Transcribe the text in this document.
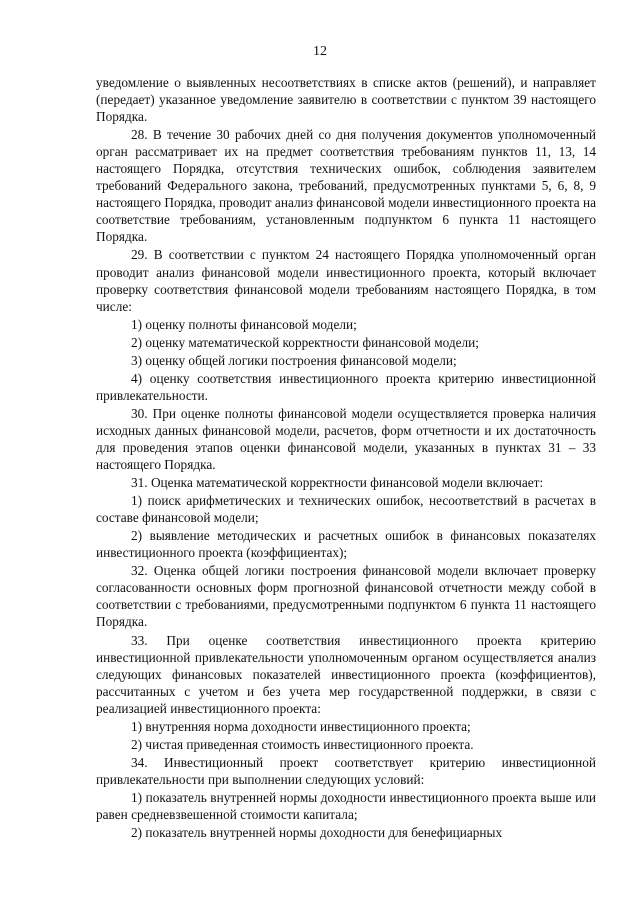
12

уведомление о выявленных несоответствиях в списке актов (решений), и направляет (передает) указанное уведомление заявителю в соответствии с пунктом 39 настоящего Порядка.

28. В течение 30 рабочих дней со дня получения документов уполномоченный орган рассматривает их на предмет соответствия требованиям пунктов 11, 13, 14 настоящего Порядка, отсутствия технических ошибок, соблюдения заявителем требований Федерального закона, требований, предусмотренных пунктами 5, 6, 8, 9 настоящего Порядка, проводит анализ финансовой модели инвестиционного проекта на соответствие требованиям, установленным подпунктом 6 пункта 11 настоящего Порядка.

29. В соответствии с пунктом 24 настоящего Порядка уполномоченный орган проводит анализ финансовой модели инвестиционного проекта, который включает проверку соответствия финансовой модели требованиям настоящего Порядка, в том числе:

1) оценку полноты финансовой модели;

2) оценку математической корректности финансовой модели;

3) оценку общей логики построения финансовой модели;

4) оценку соответствия инвестиционного проекта критерию инвестиционной привлекательности.

30. При оценке полноты финансовой модели осуществляется проверка наличия исходных данных финансовой модели, расчетов, форм отчетности и их достаточность для проведения этапов оценки финансовой модели, указанных в пунктах 31 – 33 настоящего Порядка.

31. Оценка математической корректности финансовой модели включает:

1) поиск арифметических и технических ошибок, несоответствий в расчетах в составе финансовой модели;

2) выявление методических и расчетных ошибок в финансовых показателях инвестиционного проекта (коэффициентах);

32. Оценка общей логики построения финансовой модели включает проверку согласованности основных форм прогнозной финансовой отчетности между собой в соответствии с требованиями, предусмотренными подпунктом 6 пункта 11 настоящего Порядка.

33. При оценке соответствия инвестиционного проекта критерию инвестиционной привлекательности уполномоченным органом осуществляется анализ следующих финансовых показателей инвестиционного проекта (коэффициентов), рассчитанных с учетом и без учета мер государственной поддержки, в связи с реализацией инвестиционного проекта:

1) внутренняя норма доходности инвестиционного проекта;

2) чистая приведенная стоимость инвестиционного проекта.

34. Инвестиционный проект соответствует критерию инвестиционной привлекательности при выполнении следующих условий:

1) показатель внутренней нормы доходности инвестиционного проекта выше или равен средневзвешенной стоимости капитала;

2) показатель внутренней нормы доходности для бенефициарных
